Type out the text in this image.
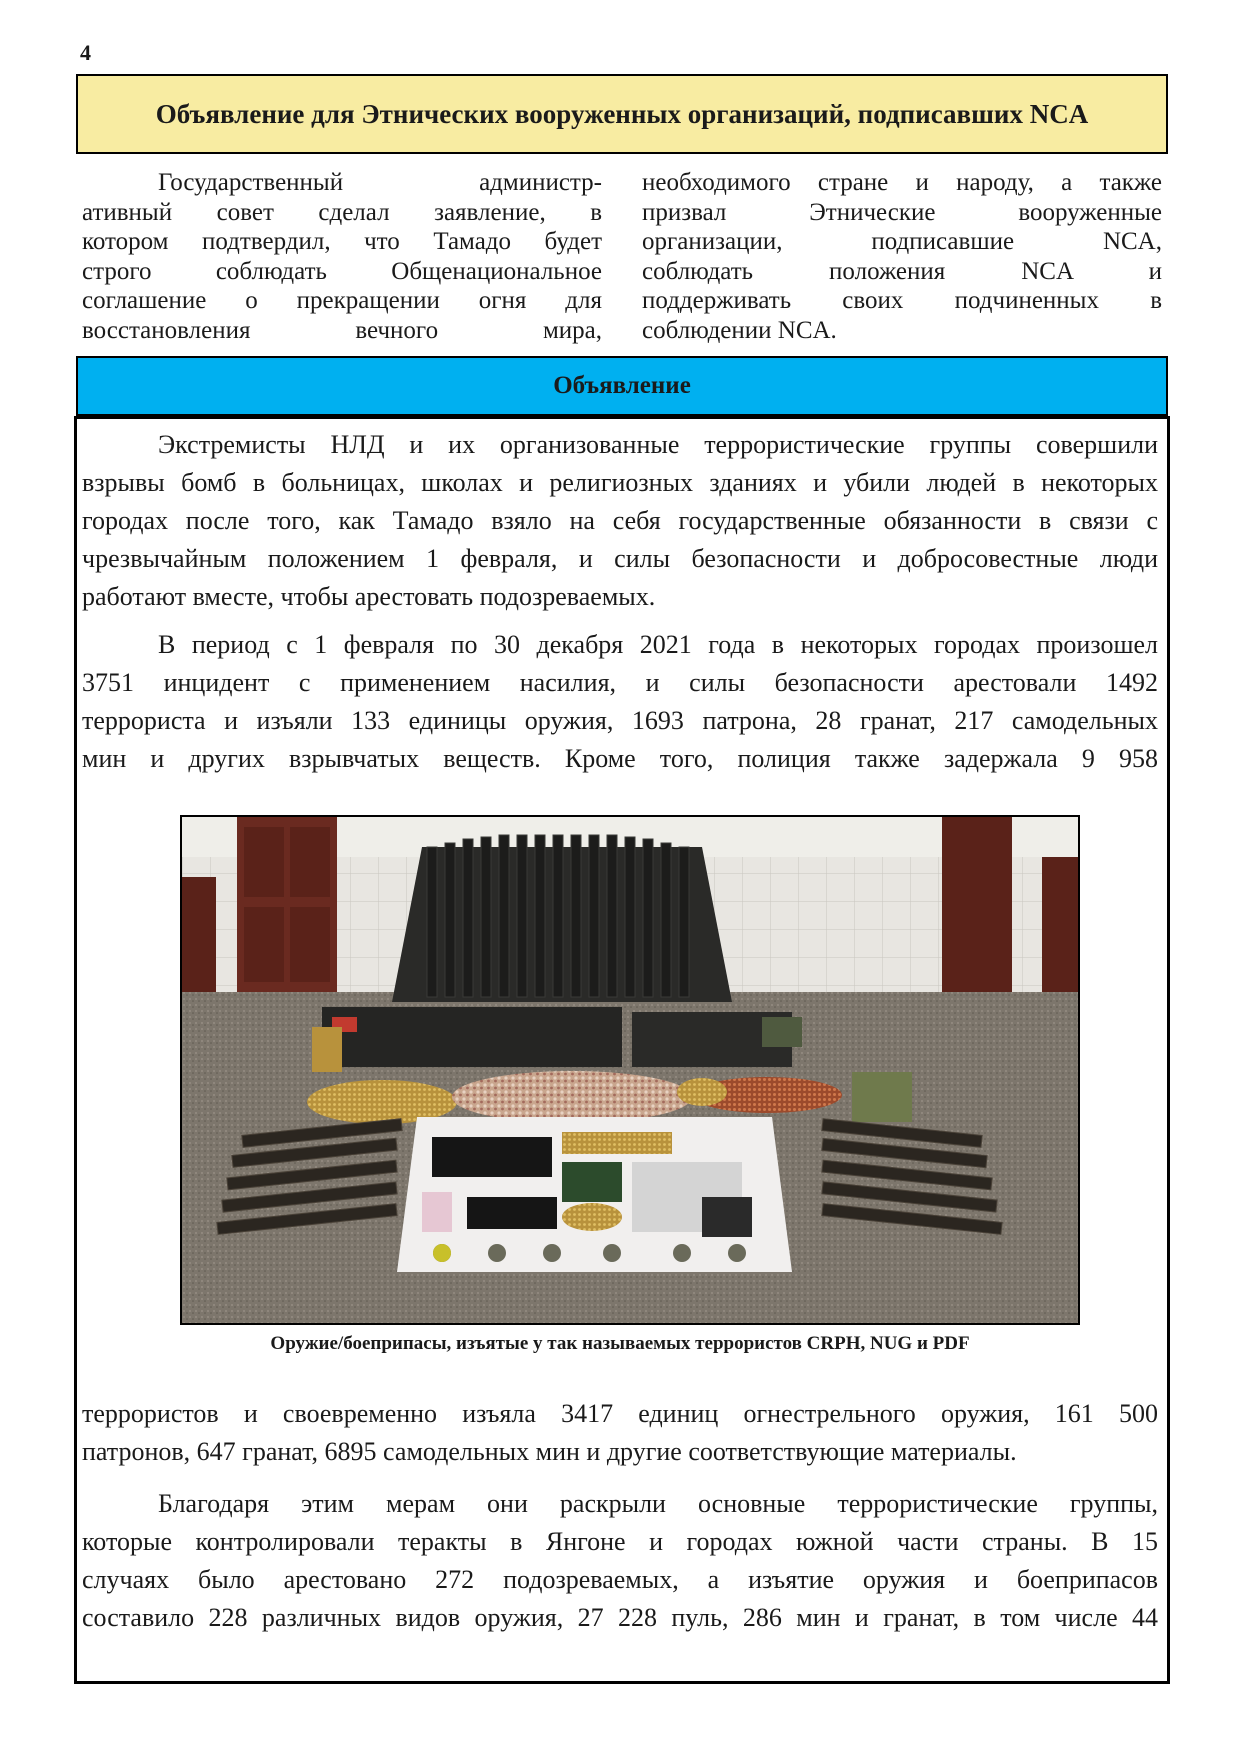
4
Объявление для Этнических вооруженных организаций, подписавших NCA
Государственный администр-
ативный совет сделал заявление, в
котором подтвердил, что Тамадо будет
строго соблюдать Общенациональное
соглашение о прекращении огня для
восстановления вечного мира,
необходимого стране и народу, а также
призвал Этнические вооруженные
организации, подписавшие NCA,
соблюдать положения NCA и
поддерживать своих подчиненных в
соблюдении NCA.
Объявление
Экстремисты НЛД и их организованные террористические группы совершили
взрывы бомб в больницах, школах и религиозных зданиях и убили людей в некоторых
городах после того, как Тамадо взяло на себя государственные обязанности в связи с
чрезвычайным положением 1 февраля, и силы безопасности и добросовестные люди
работают вместе, чтобы арестовать подозреваемых.
В период с 1 февраля по 30 декабря 2021 года в некоторых городах произошел
3751 инцидент с применением насилия, и силы безопасности арестовали 1492
террориста и изъяли 133 единицы оружия, 1693 патрона, 28 гранат, 217 самодельных
мин и других взрывчатых веществ. Кроме того, полиция также задержала 9 958
Оружие/боеприпасы, изъятые у так называемых террористов CRPH, NUG и PDF
террористов и своевременно изъяла 3417 единиц огнестрельного оружия, 161 500
патронов, 647 гранат, 6895 самодельных мин и другие соответствующие материалы.
Благодаря этим мерам они раскрыли основные террористические группы,
которые контролировали теракты в Янгоне и городах южной части страны. В 15
случаях было арестовано 272 подозреваемых, а изъятие оружия и боеприпасов
составило 228 различных видов оружия, 27 228 пуль, 286 мин и гранат, в том числе 44
